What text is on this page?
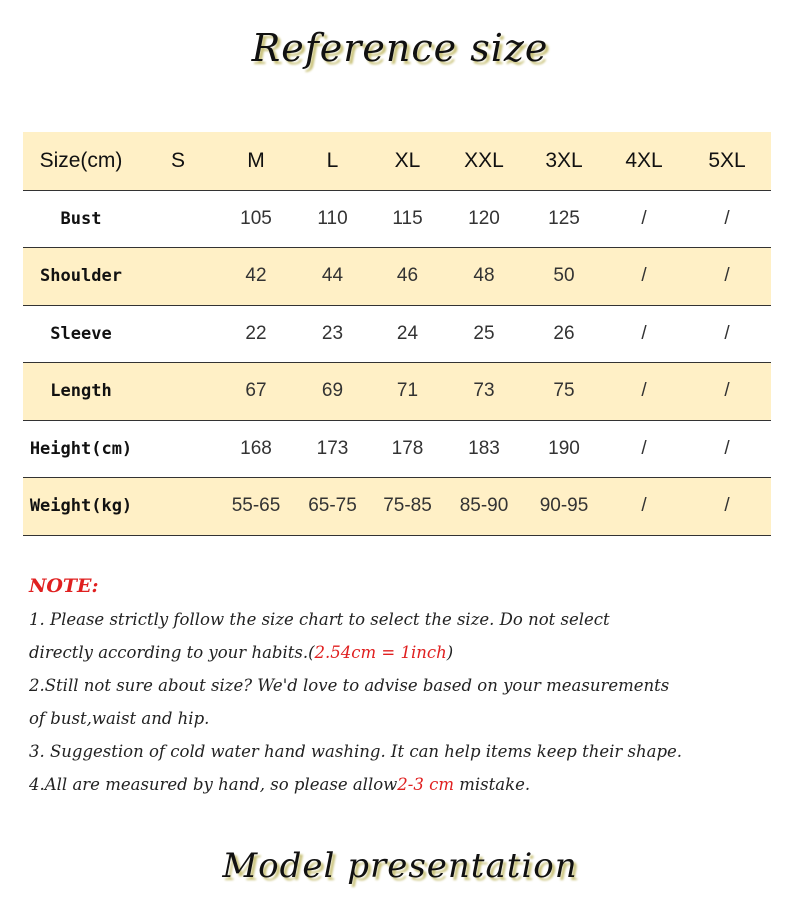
Reference size
Size(cm)	S	M	L	XL	XXL	3XL	4XL	5XL
Bust		105	110	115	120	125	/	/
Shoulder		42	44	46	48	50	/	/
Sleeve		22	23	24	25	26	/	/
Length		67	69	71	73	75	/	/
Height(cm)		168	173	178	183	190	/	/
Weight(kg)		55-65	65-75	75-85	85-90	90-95	/	/
NOTE:
1. Please strictly follow the size chart to select the size. Do not select
directly according to your habits.(2.54cm = 1inch)
2.Still not sure about size? We'd love to advise based on your measurements
of bust,waist and hip.
3. Suggestion of cold water hand washing. It can help items keep their shape.
4.All are measured by hand, so please allow2-3 cm mistake.
Model presentation
